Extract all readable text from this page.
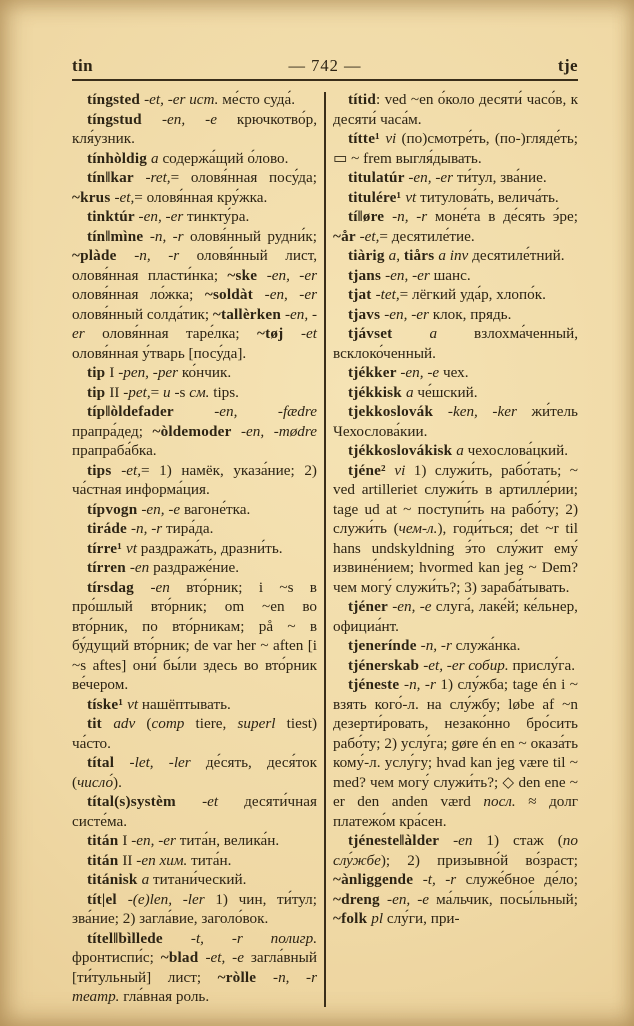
tin	— 742 —	tje

tíngsted -et, -er ист. ме́сто суда́.

tíngstud -en, -e крючкотво́р, кля́узник.

tínhòldig a содержа́щий о́лово.

tín‖kar -ret,= оловя́нная посу́да; ~krus -et,= оловя́нная кру́жка.

tinktúr -en, -er тинкту́ра.

tín‖mìne -n, -r оловя́нный рудни́к; ~plàde -n, -r оловя́нный лист, оловя́нная пласти́нка; ~ske -en, -er оловя́нная ло́жка; ~soldàt -en, -er оловя́нный солда́тик; ~tallèrken -en, -er оловя́нная таре́лка; ~tøj -et оловя́нная у́тварь [посу́да].

tip I -pen, -per ко́нчик.

tip II -pet,= и -s см. tips.

típ‖òldefader -en, -fædre прапра́дед; ~òldemoder -en, -mødre прапраба́бка.

tips -et,= 1) намёк, указа́ние; 2) ча́стная информа́ция.

típvogn -en, -e вагоне́тка.

tiráde -n, -r тира́да.

tírre¹ vt раздража́ть, дразни́ть.

tírren -en раздраже́ние.

tírsdag -en вто́рник; i ~s в про́шлый вто́рник; om ~en во вто́рник, по вто́рникам; på ~ в бу́дущий вто́рник; de var her ~ aften [i ~s aftes] они́ бы́ли здесь во вто́рник ве́чером.

tíske¹ vt нашёптывать.

tit adv (comp tiere, superl tiest) ча́сто.

títal -let, -ler де́сять, деся́ток (число́).

títal(s)systèm -et десяти́чная систе́ма.

titán I -en, -er тита́н, велика́н.

titán II -en хим. тита́н.

titánisk a титани́ческий.

tít|el -(e)len, -ler 1) чин, ти́тул; зва́ние; 2) загла́вие, заголо́вок.

títel‖bìllede -t, -r полигр. фронтиспи́с; ~blad -et, -e загла́вный [ти́тульный] лист; ~ròlle -n, -r театр. гла́вная роль.

títid: ved ~en о́коло десяти́ часо́в, к десяти́ часа́м.

títte¹ vi (по)смотре́ть, (по-)гляде́ть; ▭ ~ frem выгля́дывать.

titulatúr -en, -er ти́тул, зва́ние.

titulére¹ vt титулова́ть, велича́ть.

tí‖øre -n, -r моне́та в де́сять э́ре; ~år -et,= десятиле́тие.

tiàrig a, tiårs a inv десятиле́тний.

tjans -en, -er шанс.

tjat -tet,= лёгкий уда́р, хлопо́к.

tjavs -en, -er клок, прядь.

tjávset a взлохма́ченный, всклоко́ченный.

tjékker -en, -e чех.

tjékkisk a че́шский.

tjekkoslovák -ken, -ker жи́тель Чехослова́кии.

tjékkoslovákisk a чехослова́цкий.

tjéne² vi 1) служи́ть, рабо́тать; ~ ved artilleriet служи́ть в артилле́рии; tage ud at ~ поступи́ть на рабо́ту; 2) служи́ть (чем-л.), годи́ться; det ~r til hans undskyldning э́то слу́жит ему́ извине́нием; hvormed kan jeg ~ Dem? чем могу́ служи́ть?; 3) зараба́тывать.

tjéner -en, -e слуга́, лаке́й; ке́льнер, официа́нт.

tjenerínde -n, -r служа́нка.

tjénerskab -et, -er собир. прислу́га.

tjéneste -n, -r 1) слу́жба; tage én i ~ взять кого́-л. на слу́жбу; løbe af ~n дезерти́ровать, незако́нно бро́сить рабо́ту; 2) услу́га; gøre én en ~ оказа́ть кому́-л. услу́гу; hvad kan jeg være til ~ med? чем могу́ служи́ть?; ◇ den ene ~ er den anden værd посл. ≈ долг платежо́м кра́сен.

tjéneste‖àlder -en 1) стаж (по слу́жбе); 2) призывно́й во́зраст; ~ànliggende -t, -r служе́бное де́ло; ~dreng -en, -e ма́льчик, посы́льный; ~folk pl слу́ги, при-
